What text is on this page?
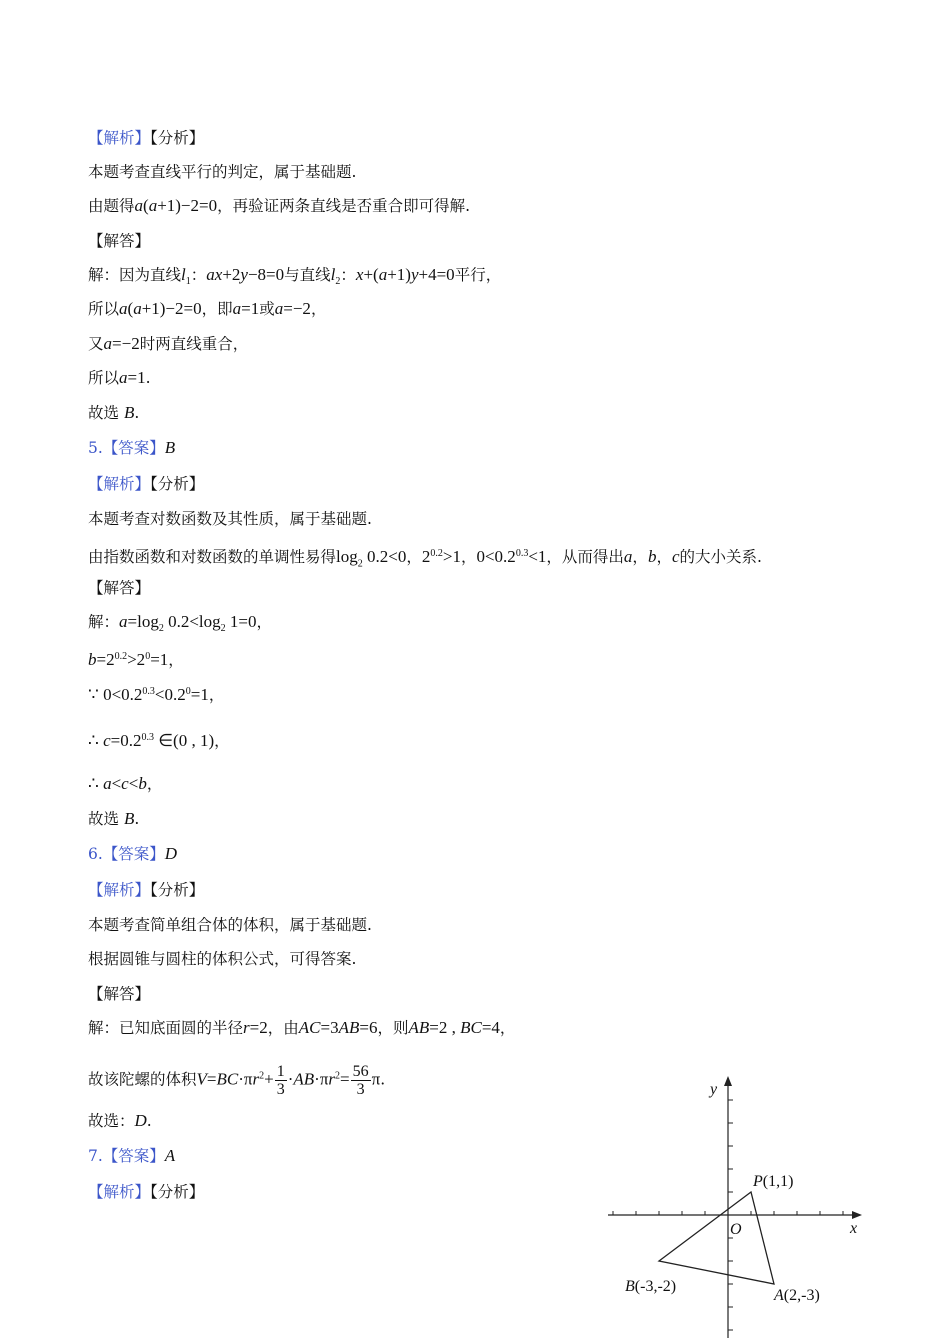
【解析】【分析】
本题考查直线平行的判定，属于基础题.
由题得a(a+1)−2=0，再验证两条直线是否重合即可得解.
【解答】
解：因为直线$l_1$：ax+2y−8=0与直线$l_2$：x+(a+1)y+4=0平行，
所以a(a+1)−2=0，即a=1或a=−2，
又a=−2时两直线重合，
所以a=1.
故选 B.
5.【答案】B
【解析】【分析】
本题考查对数函数及其性质，属于基础题.
由指数函数和对数函数的单调性易得$\log_2 0.2<0$，$2^{0.2}>1$，$0<0.2^{0.3}<1$，从而得出a，b，c的大小关系.
【解答】
解：$a=\log_2$ $0.2<\log_2$ 1=0，
$b=2^{0.2}>2^0=1$，
∵ $0<0.2^{0.3}<0.2^0=1$，
∴ $c=0.2^{0.3}$ ∈(0 , 1)，
∴ a<c<b，
故选 B.
6.【答案】D
【解析】【分析】
本题考查简单组合体的体积，属于基础题.
根据圆锥与圆柱的体积公式，可得答案.
【解答】
解：已知底面圆的半径r=2，由AC=3AB=6，则AB=2 , BC=4，
故该陀螺的体积$V=BC\cdot\pi r^2+ \frac{1}{3} \cdot AB\cdot\pi r^2= \frac{56}{3} \pi$.
故选：D.
7.【答案】A
【解析】【分析】
x
y
O
P(1,1)
B(-3,-2)
A(2,-3)
